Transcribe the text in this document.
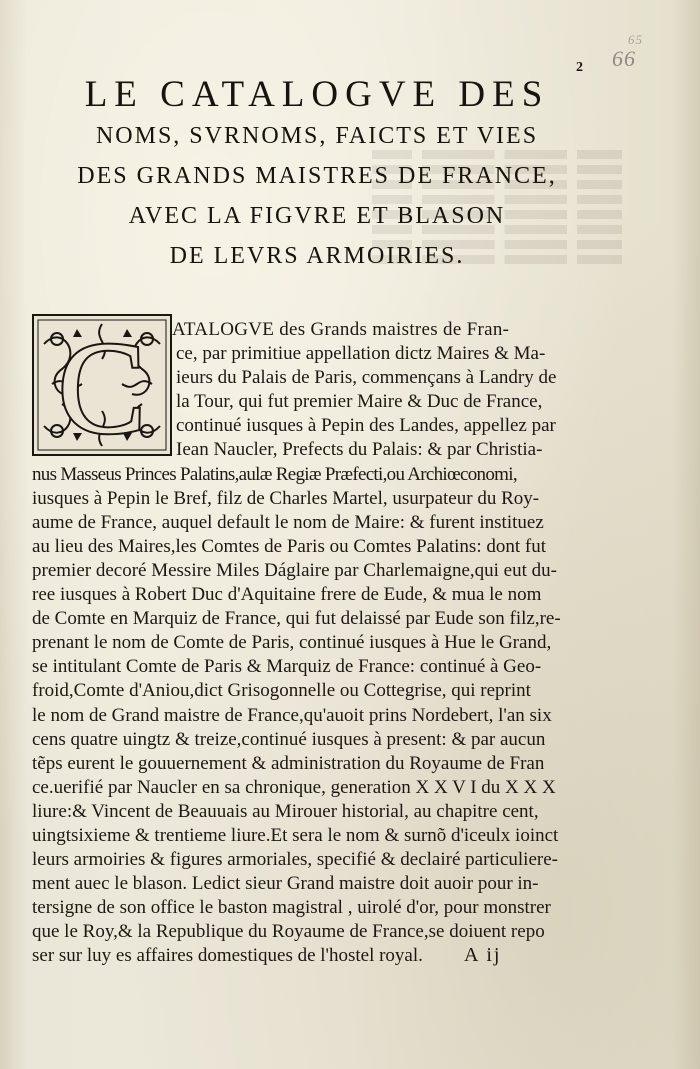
2
65
66
LE CATALOGVE DES
NOMS, SVRNOMS, FAICTS ET VIES
DES GRANDS MAISTRES DE FRANCE,
AVEC LA FIGVRE ET BLASON
DE LEVRS ARMOIRIES.
C	ATALOGVE des Grands maistres de Fran-
ce, par primitiue appellation dictz Maires & Ma-
ieurs du Palais de Paris, commençans à Landry de
la Tour, qui fut premier Maire & Duc de France,
continué iusques à Pepin des Landes, appellez par
Iean Naucler, Prefects du Palais: & par Christia-
nus Masseus Princes Palatins,aulæ Regiæ Præfecti,ou Archiœconomi,
iusques à Pepin le Bref, filz de Charles Martel, usurpateur du Roy-
aume de France, auquel default le nom de Maire: & furent instituez
au lieu des Maires,les Comtes de Paris ou Comtes Palatins: dont fut
premier decoré Messire Miles Dáglaire par Charlemaigne,qui eut du-
ree iusques à Robert Duc d'Aquitaine frere de Eude, & mua le nom
de Comte en Marquiz de France, qui fut delaissé par Eude son filz,re-
prenant le nom de Comte de Paris, continué iusques à Hue le Grand,
se intitulant Comte de Paris & Marquiz de France: continué à Geo-
froid,Comte d'Aniou,dict Grisogonnelle ou Cottegrise, qui reprint
le nom de Grand maistre de France,qu'auoit prins Nordebert, l'an six
cens quatre uingtz & treize,continué iusques à present: & par aucun
tẽps eurent le gouuernement & administration du Royaume de Fran
ce.uerifié par Naucler en sa chronique, generation X X V I du X X X
liure:& Vincent de Beauuais au Mirouer historial, au chapitre cent,
uingtsixieme & trentieme liure.Et sera le nom & surnõ d'iceulx ioinct
leurs armoiries & figures armoriales, specifié & declairé particuliere-
ment auec le blason. Ledict sieur Grand maistre doit auoir pour in-
tersigne de son office le baston magistral , uirolé d'or, pour monstrer
que le Roy,& la Republique du Royaume de France,se doiuent repo
ser sur luy es affaires domestiques de l'hostel royal.	A ij
